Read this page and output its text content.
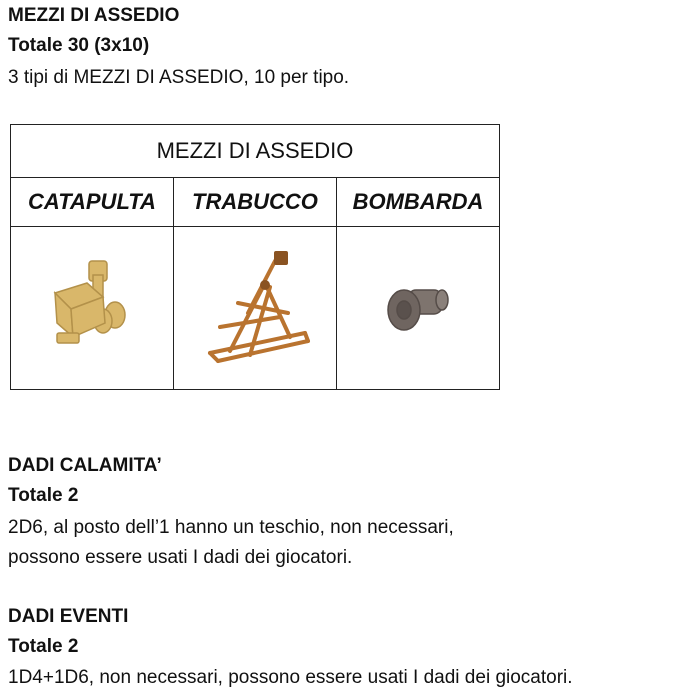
MEZZI DI ASSEDIO
Totale 30 (3x10)
3 tipi di MEZZI DI ASSEDIO, 10 per tipo.
MEZZI DI ASSEDIO		
CATAPULTA	TRABUCCO	BOMBARDA

DADI CALAMITA’
Totale 2
2D6, al posto dell’1 hanno un teschio, non necessari,
possono essere usati I dadi dei giocatori.
DADI EVENTI
Totale 2
1D4+1D6, non necessari, possono essere usati I dadi dei giocatori.
